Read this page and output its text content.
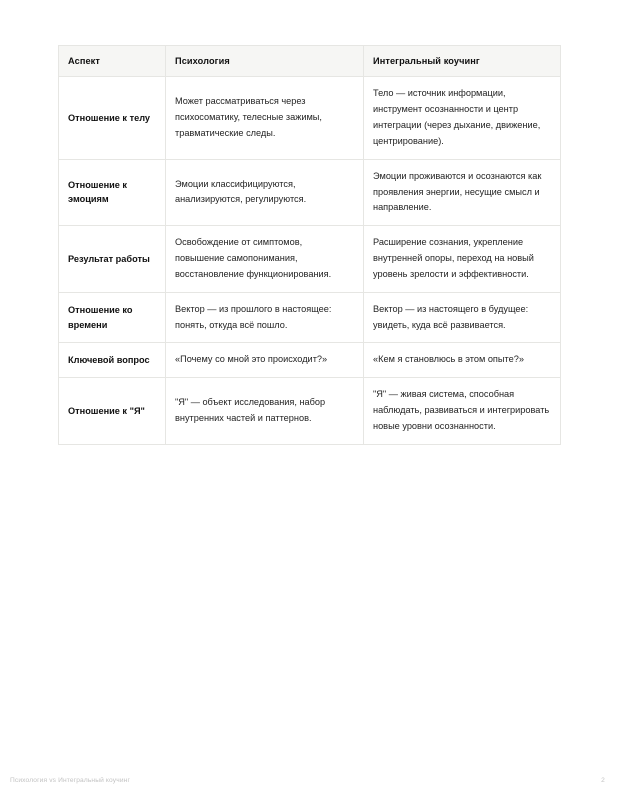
Аспект	Психология	Интегральный коучинг
Отношение к телу	Может рассматриваться через психосоматику, телесные зажимы, травматические следы.	Тело — источник информации, инструмент осознанности и центр интеграции (через дыхание, движение, центрирование).
Отношение к эмоциям	Эмоции классифицируются, анализируются, регулируются.	Эмоции проживаются и осознаются как проявления энергии, несущие смысл и направление.
Результат работы	Освобождение от симптомов, повышение самопонимания, восстановление функционирования.	Расширение сознания, укрепление внутренней опоры, переход на новый уровень зрелости и эффективности.
Отношение ко времени	Вектор — из прошлого в настоящее: понять, откуда всё пошло.	Вектор — из настоящего в будущее: увидеть, куда всё развивается.
Ключевой вопрос	«Почему со мной это происходит?»	«Кем я становлюсь в этом опыте?»
Отношение к "Я"	"Я" — объект исследования, набор внутренних частей и паттернов.	"Я" — живая система, способная наблюдать, развиваться и интегрировать новые уровни осознанности.
Психология vs Интегральный коучинг	2
